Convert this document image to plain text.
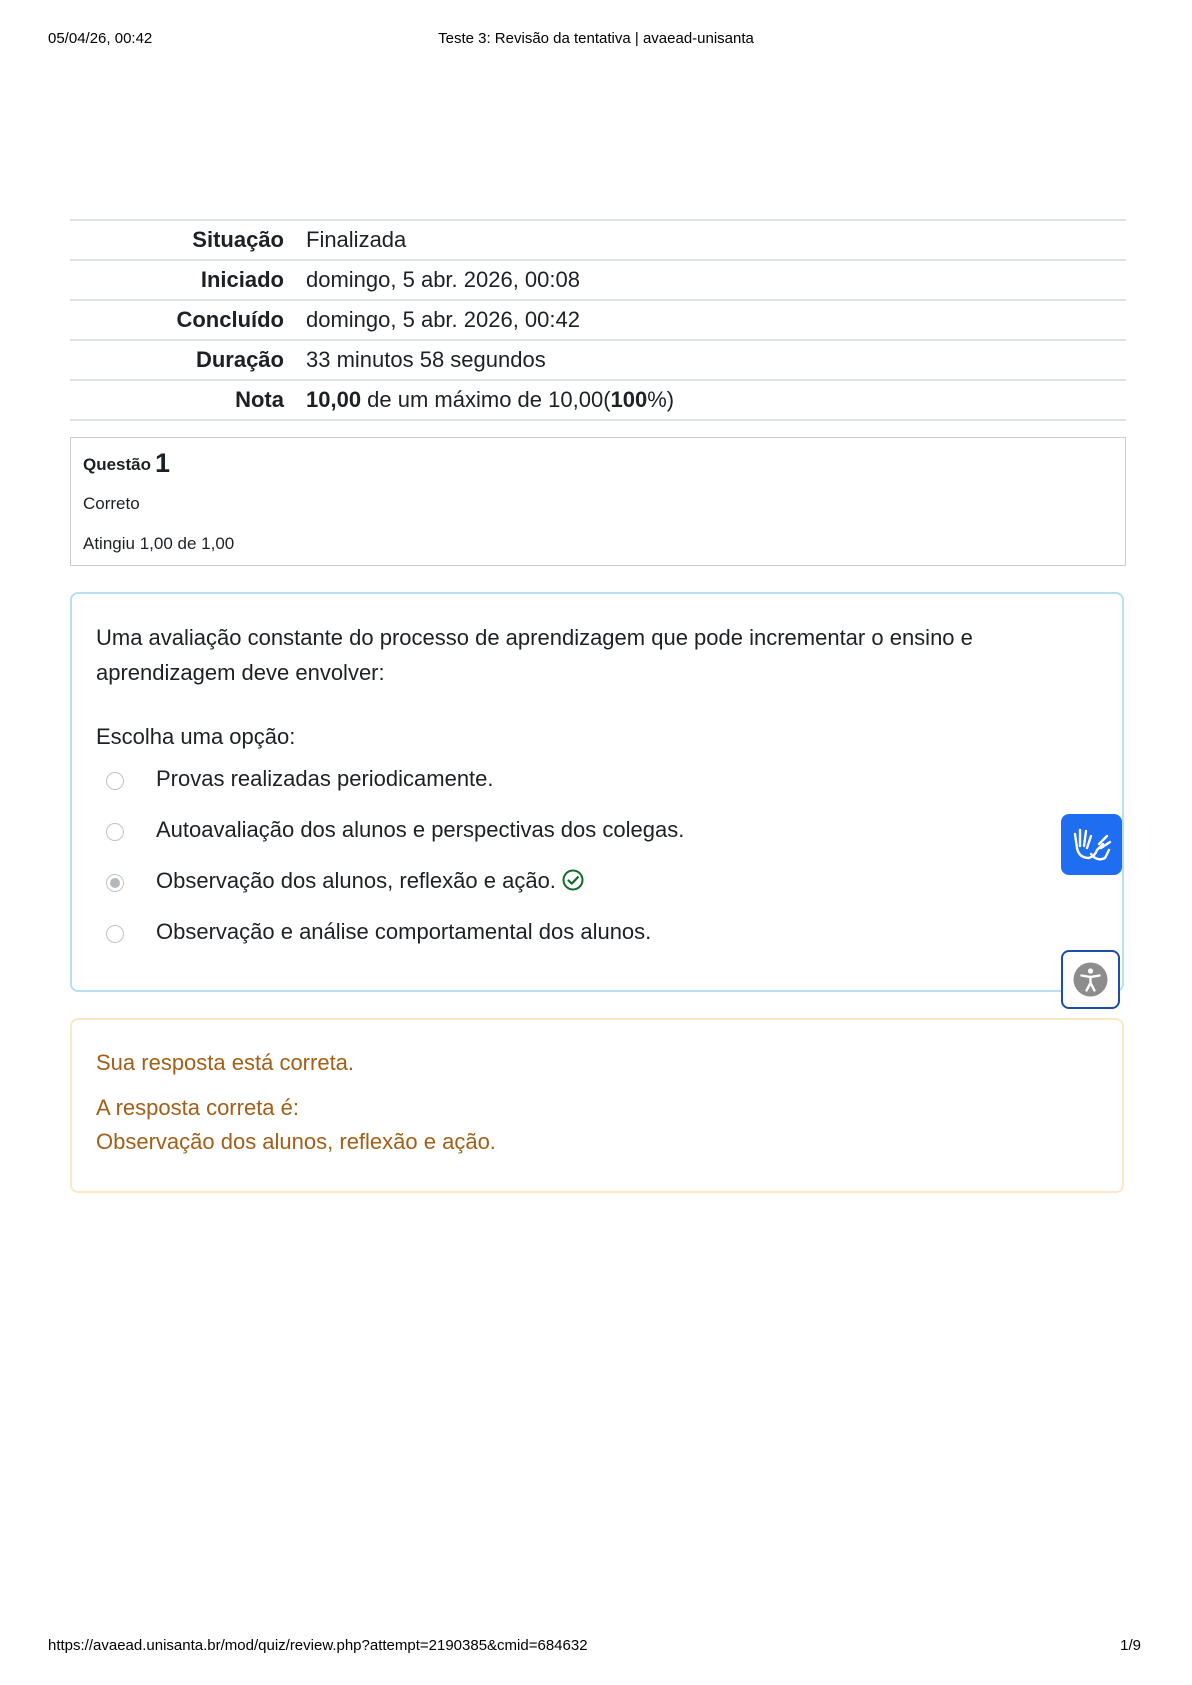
05/04/26, 00:42	Teste 3: Revisão da tentativa | avaead-unisanta
Situação	Finalizada
Iniciado	domingo, 5 abr. 2026, 00:08
Concluído	domingo, 5 abr. 2026, 00:42
Duração	33 minutos 58 segundos
Nota	10,00 de um máximo de 10,00(100%)
Questão 1
Correto
Atingiu 1,00 de 1,00
Uma avaliação constante do processo de aprendizagem que pode incrementar o ensino e aprendizagem deve envolver:
Escolha uma opção:
Provas realizadas periodicamente.
Autoavaliação dos alunos e perspectivas dos colegas.
Observação dos alunos, reflexão e ação.
Observação e análise comportamental dos alunos.
Sua resposta está correta.
A resposta correta é:
Observação dos alunos, reflexão e ação.
https://avaead.unisanta.br/mod/quiz/review.php?attempt=2190385&cmid=684632	1/9
